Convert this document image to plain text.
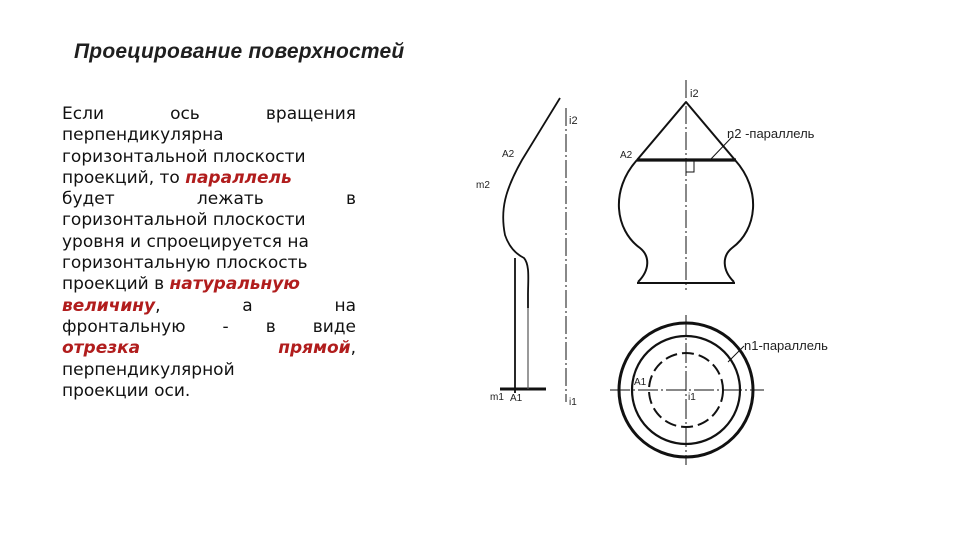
Проецирование поверхностей
Если	ось	вращения
перпендикулярна
горизонтальной плоскости
проекций, то параллель
будет	лежать	в
горизонтальной плоскости
уровня и спроецируется на
горизонтальную плоскость
проекций в натуральную
величину,	а	на
фронтальную - в виде
отрезка	прямой,
перпендикулярной
проекции оси.
i2
A2
m2
m1 A1	i1
i2
A2
n2 -параллель
n1-параллель
A1
i1
